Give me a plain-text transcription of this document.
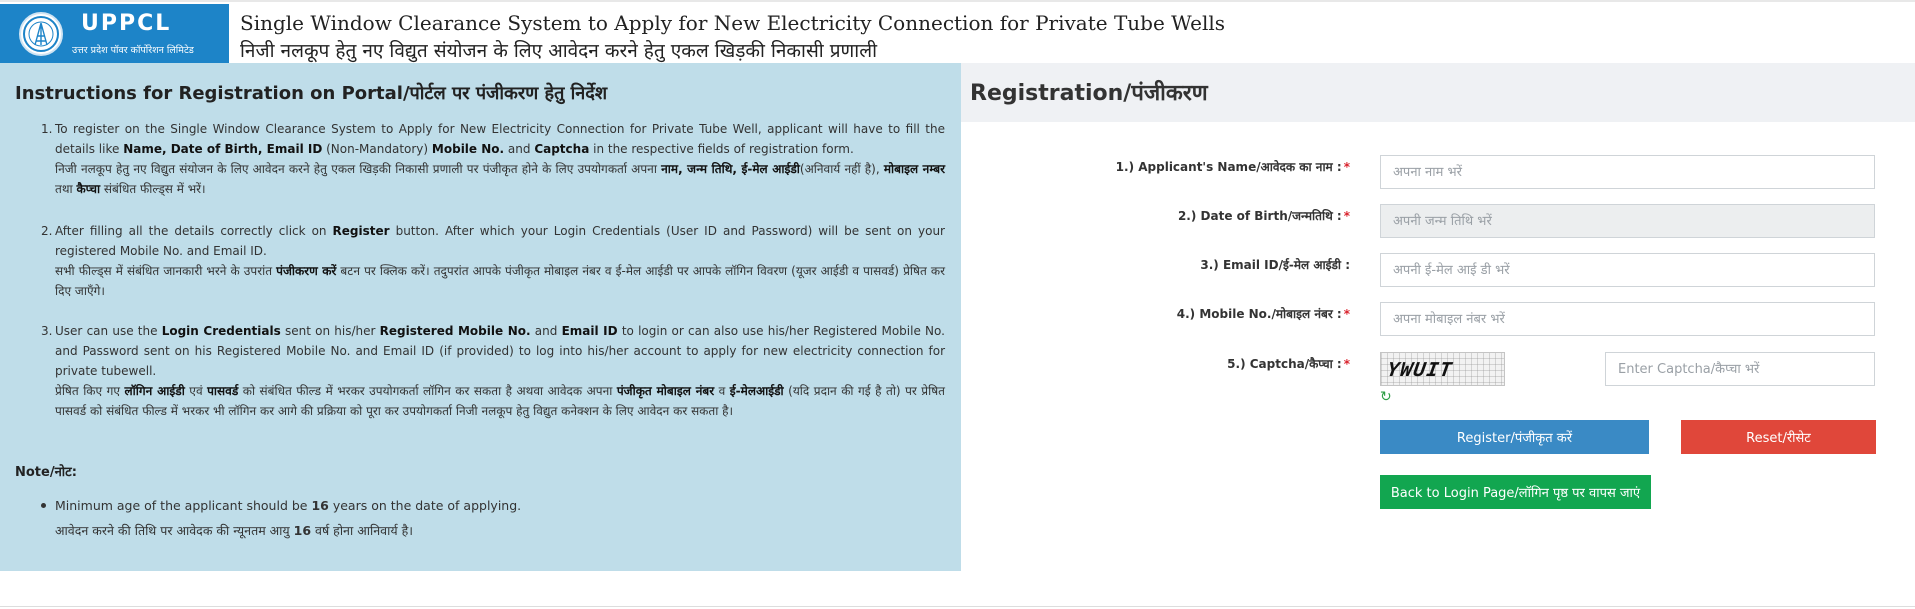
UPPCL
उत्तर प्रदेश पॉवर कॉर्पोरेशन लिमिटेड
Single Window Clearance System to Apply for New Electricity Connection for Private Tube Wells
निजी नलकूप हेतु नए विद्युत संयोजन के लिए आवेदन करने हेतु एकल खिड़की निकासी प्रणाली
Instructions for Registration on Portal/पोर्टल पर पंजीकरण हेतु निर्देश
1. To register on the Single Window Clearance System to Apply for New Electricity Connection for Private Tube Well, applicant will have to fill the details like Name, Date of Birth, Email ID (Non-Mandatory) Mobile No. and Captcha in the respective fields of registration form.

निजी नलकूप हेतु नए विद्युत संयोजन के लिए आवेदन करने हेतु एकल खिड़की निकासी प्रणाली पर पंजीकृत होने के लिए उपयोगकर्ता अपना नाम, जन्म तिथि, ई-मेल आईडी(अनिवार्य नहीं है), मोबाइल नम्बर तथा कैप्चा संबंधित फील्ड्स में भरें।

2. After filling all the details correctly click on Register button. After which your Login Credentials (User ID and Password) will be sent on your registered Mobile No. and Email ID.

सभी फील्ड्स में संबंधित जानकारी भरने के उपरांत पंजीकरण करें बटन पर क्लिक करें। तदुपरांत आपके पंजीकृत मोबाइल नंबर व ई-मेल आईडी पर आपके लॉगिन विवरण (यूजर आईडी व पासवर्ड) प्रेषित कर दिए जाएँगे।

3. User can use the Login Credentials sent on his/her Registered Mobile No. and Email ID to login or can also use his/her Registered Mobile No. and Password sent on his Registered Mobile No. and Email ID (if provided) to log into his/her account to apply for new electricity connection for private tubewell.

प्रेषित किए गए लॉगिन आईडी एवं पासवर्ड को संबंधित फील्ड में भरकर उपयोगकर्ता लॉगिन कर सकता है अथवा आवेदक अपना पंजीकृत मोबाइल नंबर व ई-मेलआईडी (यदि प्रदान की गई है तो) पर प्रेषित पासवर्ड को संबंधित फील्ड में भरकर भी लॉगिन कर आगे की प्रक्रिया को पूरा कर उपयोगकर्ता निजी नलकूप हेतु विद्युत कनेक्शन के लिए आवेदन कर सकता है।

Note/नोट:
Minimum age of the applicant should be 16 years on the date of applying.
आवेदन करने की तिथि पर आवेदक की न्यूनतम आयु 16 वर्ष होना आनिवार्य है।
Registration/पंजीकरण
1.) Applicant's Name/आवेदक का नाम : *
अपना नाम भरें
2.) Date of Birth/जन्मतिथि : *
अपनी जन्म तिथि भरें
3.) Email ID/ई-मेल आईडी :
अपनी ई-मेल आई डी भरें
4.) Mobile No./मोबाइल नंबर : *
अपना मोबाइल नंबर भरें
5.) Captcha/कैप्चा : * YWUIT
↻
Enter Captcha/कैप्चा भरें
Register/पंजीकृत करें	Reset/रीसेट
Back to Login Page/लॉगिन पृष्ठ पर वापस जाएं
